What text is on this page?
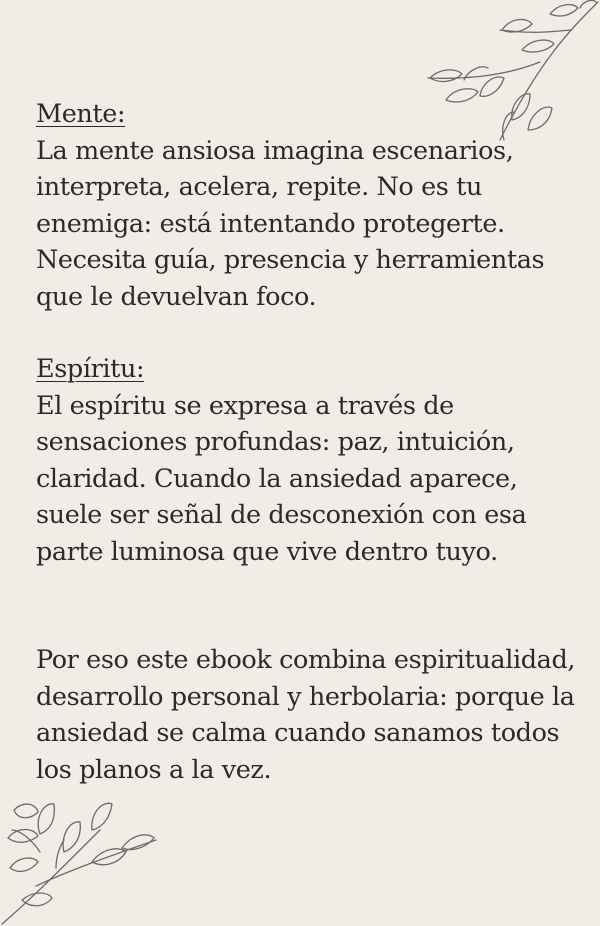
Mente:

La mente ansiosa imagina escenarios,

interpreta, acelera, repite. No es tu

enemiga: está intentando protegerte.

Necesita guía, presencia y herramientas

que le devuelvan foco.

Espíritu:

El espíritu se expresa a través de

sensaciones profundas: paz, intuición,

claridad. Cuando la ansiedad aparece,

suele ser señal de desconexión con esa

parte luminosa que vive dentro tuyo.

Por eso este ebook combina espiritualidad,

desarrollo personal y herbolaria: porque la

ansiedad se calma cuando sanamos todos

los planos a la vez.
